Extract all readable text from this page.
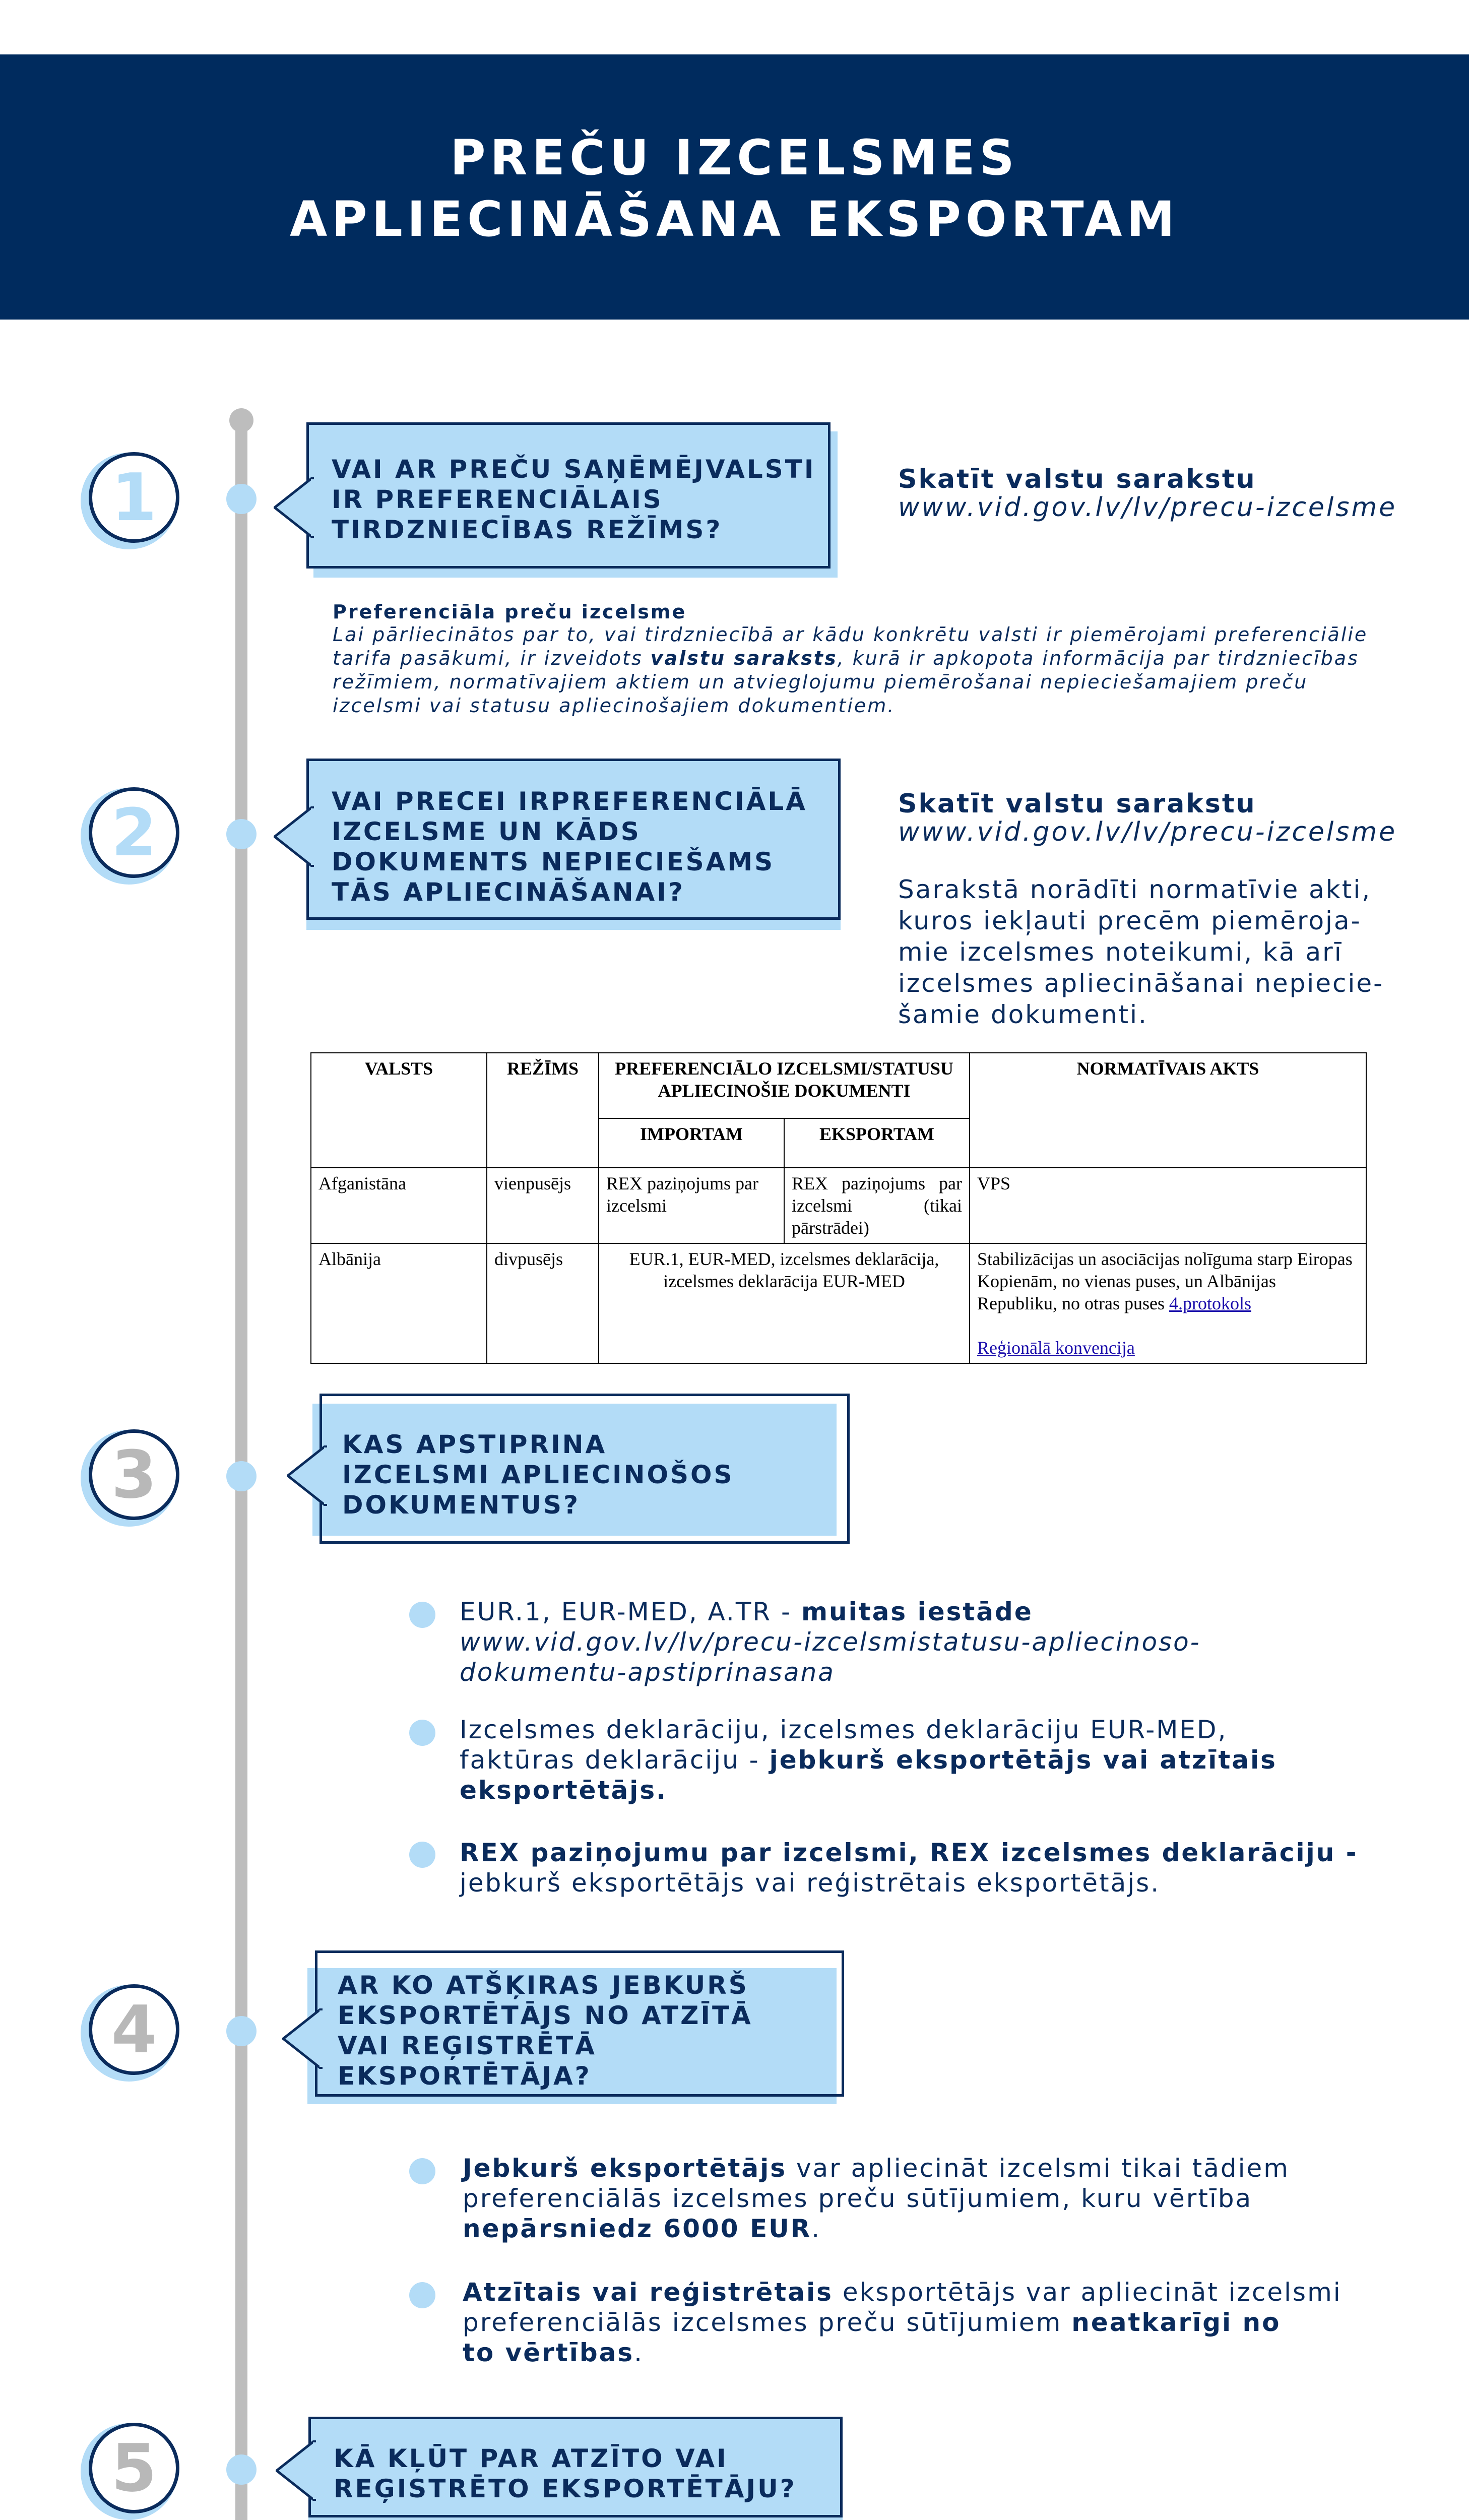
PREČU IZCELSMES
APLIECINĀŠANA EKSPORTAM
1	VAI AR PREČU SAŅĒMĒJVALSTI
IR PREFERENCIĀLAIS
TIRDZNIECĪBAS REŽĪMS?
Skatīt valstu sarakstu
www.vid.gov.lv/lv/precu-izcelsme
Preferenciāla preču izcelsme
Lai pārliecinātos par to, vai tirdzniecībā ar kādu konkrētu valsti ir piemērojami preferenciālie
tarifa pasākumi, ir izveidots valstu saraksts, kurā ir apkopota informācija par tirdzniecības
režīmiem, normatīvajiem aktiem un atvieglojumu piemērošanai nepieciešamajiem preču
izcelsmi vai statusu apliecinošajiem dokumentiem.
2	VAI PRECEI IRPREFERENCIĀLĀ
IZCELSME UN KĀDS
DOKUMENTS NEPIECIEŠAMS
TĀS APLIECINĀŠANAI?
Skatīt valstu sarakstu
www.vid.gov.lv/lv/precu-izcelsme
Sarakstā norādīti normatīvie akti,
kuros iekļauti precēm piemēroja-
mie izcelsmes noteikumi, kā arī
izcelsmes apliecināšanai nepiecie-
šamie dokumenti.
VALSTS	REŽĪMS	PREFERENCIĀLO IZCELSMI/STATUSU APLIECINOŠIE DOKUMENTI		NORMATĪVAIS AKTS
		IMPORTAM	EKSPORTAM	
Afganistāna	vienpusējs	REX paziņojums par izcelsmi	REX paziņojums par izcelsmi (tikai pārstrādei)	VPS
Albānija	divpusējs	EUR.1, EUR-MED, izcelsmes deklarācija, izcelsmes deklarācija EUR-MED		Stabilizācijas un asociācijas nolīguma starp Eiropas Kopienām, no vienas puses, un Albānijas Republiku, no otras puses 4.protokols
Reģionālā konvencija
3	KAS APSTIPRINA
IZCELSMI APLIECINOŠOS
DOKUMENTUS?
EUR.1, EUR-MED, A.TR - muitas iestāde
www.vid.gov.lv/lv/precu-izcelsmistatusu-apliecinoso-
dokumentu-apstiprinasana
Izcelsmes deklarāciju, izcelsmes deklarāciju EUR-MED,
faktūras deklarāciju - jebkurš eksportētājs vai atzītais
eksportētājs.
REX paziņojumu par izcelsmi, REX izcelsmes deklarāciju -
jebkurš eksportētājs vai reģistrētais eksportētājs.
4
AR KO ATŠĶIRAS JEBKURŠ
EKSPORTĒTĀJS NO ATZĪTĀ
VAI REĢISTRĒTĀ
EKSPORTĒTĀJA?
Jebkurš eksportētājs var apliecināt izcelsmi tikai tādiem
preferenciālās izcelsmes preču sūtījumiem, kuru vērtība
nepārsniedz 6000 EUR.
Atzītais vai reģistrētais eksportētājs var apliecināt izcelsmi
preferenciālās izcelsmes preču sūtījumiem neatkarīgi no
to vērtības.
5	KĀ KĻŪT PAR ATZĪTO VAI
REĢISTRĒTO EKSPORTĒTĀJU?
